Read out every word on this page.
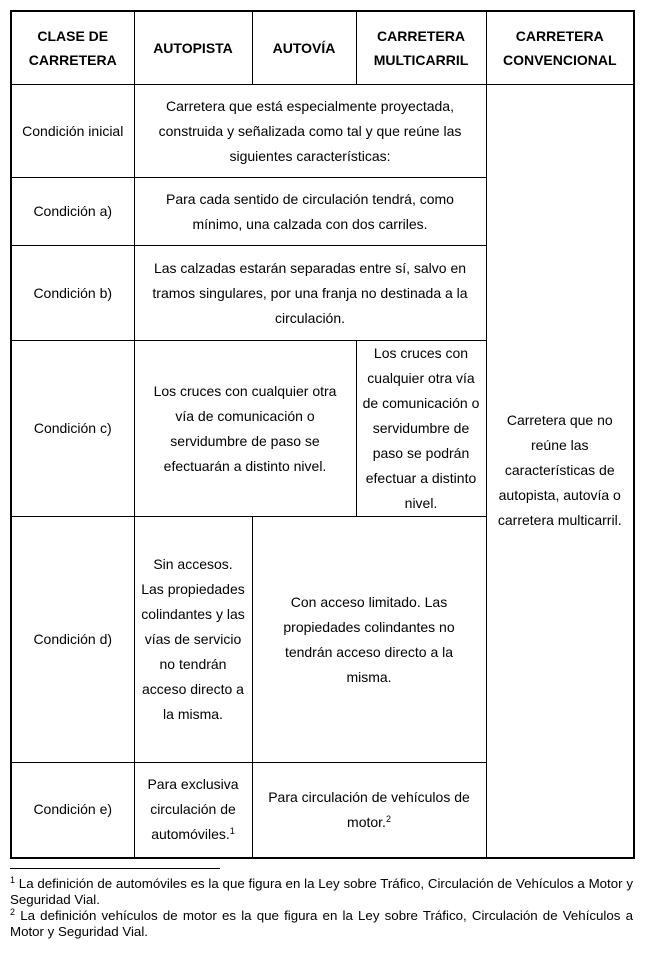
CLASE DE CARRETERA	AUTOPISTA	AUTOVÍA	CARRETERA MULTICARRIL	CARRETERA CONVENCIONAL
Condición inicial	Carretera que está especialmente proyectada, construida y señalizada como tal y que reúne las siguientes características:			Carretera que no reúne las características de autopista, autovía o carretera multicarril.
Condición a)	Para cada sentido de circulación tendrá, como mínimo, una calzada con dos carriles.			
Condición b)	Las calzadas estarán separadas entre sí, salvo en tramos singulares, por una franja no destinada a la circulación.			
Condición c)	Los cruces con cualquier otra vía de comunicación o servidumbre de paso se efectuarán a distinto nivel.		Los cruces con cualquier otra vía de comunicación o servidumbre de paso se podrán efectuar a distinto nivel.	
Condición d)	Sin accesos. Las propiedades colindantes y las vías de servicio no tendrán acceso directo a la misma.	Con acceso limitado. Las propiedades colindantes no tendrán acceso directo a la misma.		
Condición e)	Para exclusiva circulación de automóviles.$^1$	Para circulación de vehículos de motor.$^2$

$^1$ La definición de automóviles es la que figura en la Ley sobre Tráfico, Circulación de Vehículos a Motor y Seguridad Vial.

$^2$ La definición vehículos de motor es la que figura en la Ley sobre Tráfico, Circulación de Vehículos a Motor y Seguridad Vial.
